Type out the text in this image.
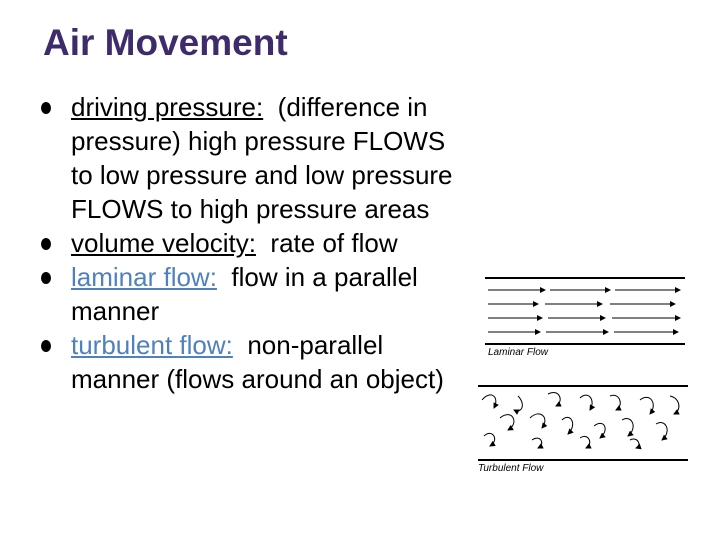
Air Movement
driving pressure: (difference in pressure) high pressure FLOWS to low pressure and low pressure FLOWS to high pressure areas
volume velocity: rate of flow
laminar flow: flow in a parallel manner
turbulent flow: non-parallel manner (flows around an object)
Laminar Flow
Turbulent Flow
